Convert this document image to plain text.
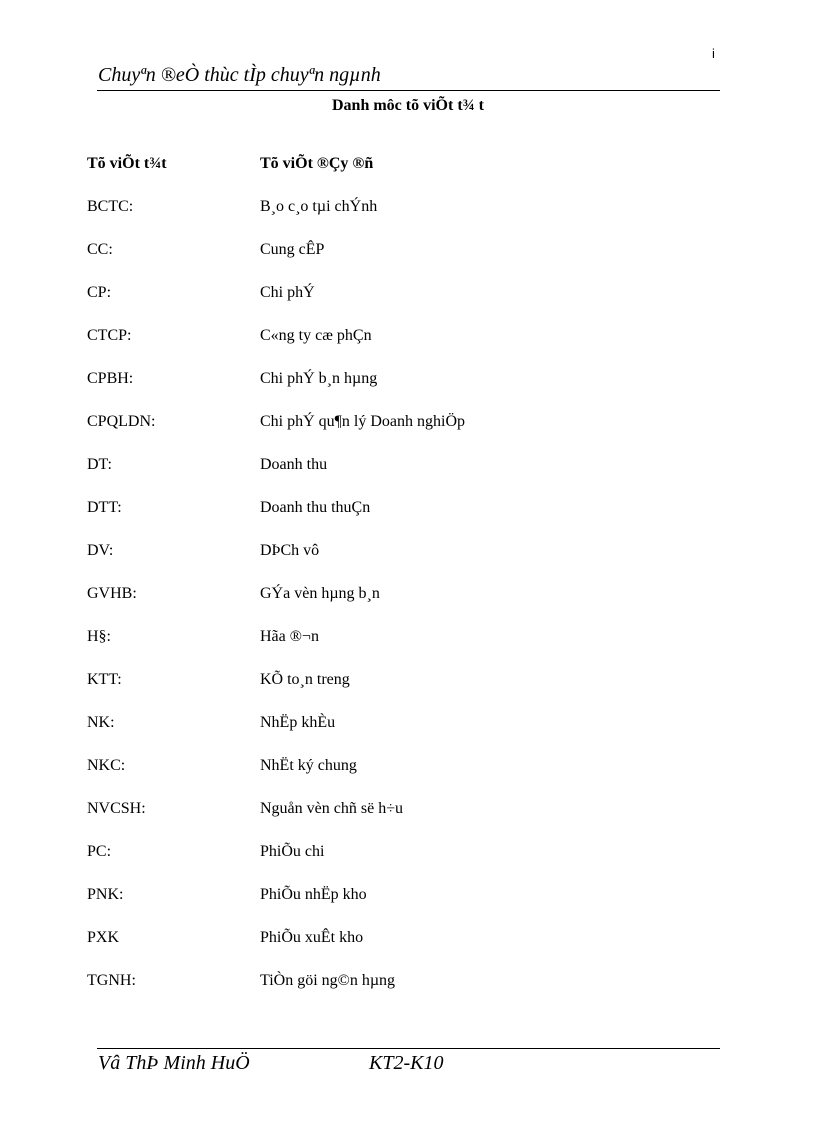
i
Chuyªn ®eÒ thùc tÌp chuyªn ngµnh
Danh môc tõ viÕt t¾ t
Tõ viÕt t¾t	Tõ viÕt ®Çy ®ñ
BCTC:	B¸o c¸o tµi chÝnh
CC:	Cung cÊP
CP:	Chi phÝ
CTCP:	C«ng ty cæ phÇn
CPBH:	Chi phÝ b¸n hµng
CPQLDN:	Chi phÝ qu¶n lý Doanh nghiÖp
DT:	Doanh thu
DTT:	Doanh thu thuÇn
DV:	DÞCh vô
GVHB:	GÝa vèn hµng b¸n
H§:	Hãa ®¬n
KTT:	KÕ to¸n treng
NK:	NhËp khÈu
NKC:	NhËt ký chung
NVCSH:	Nguån vèn chñ së h÷u
PC:	PhiÕu chi
PNK:	PhiÕu nhËp kho
PXK	PhiÕu xuÊt kho
TGNH:	TiÒn göi ng©n hµng
Vâ ThÞ Minh HuÖ	KT2-K10
